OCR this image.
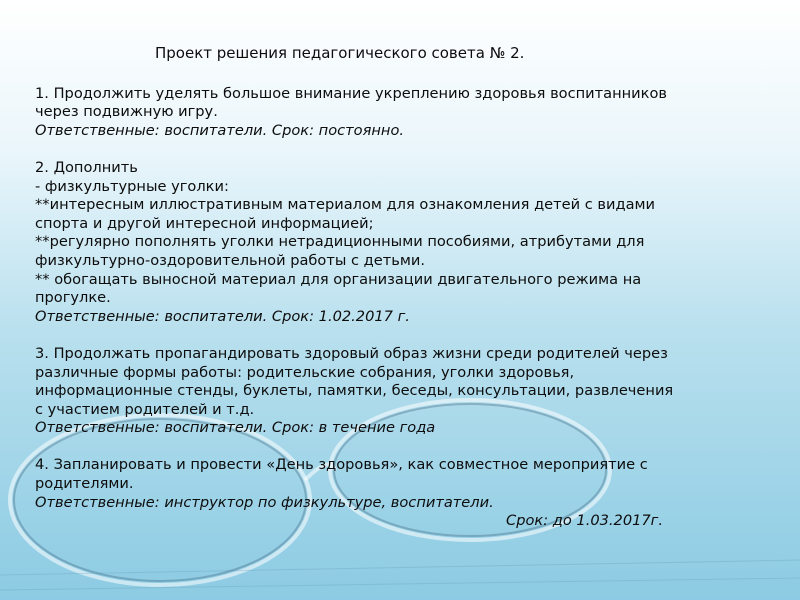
Проект решения педагогического совета № 2.

1. Продолжить уделять большое внимание укреплению здоровья воспитанников

через подвижную игру.

Ответственные: воспитатели. Срок: постоянно.

2. Дополнить

- физкультурные уголки:

**интересным иллюстративным материалом для ознакомления детей с видами

спорта и другой интересной информацией;

**регулярно пополнять уголки нетрадиционными пособиями, атрибутами для

физкультурно-оздоровительной работы с детьми.

** обогащать выносной материал для организации двигательного режима на

прогулке.

Ответственные: воспитатели. Срок: 1.02.2017 г.

3. Продолжать пропагандировать здоровый образ жизни среди родителей через

различные формы работы: родительские собрания, уголки здоровья,

информационные стенды, буклеты, памятки, беседы, консультации, развлечения

с участием родителей и т.д.

Ответственные: воспитатели. Срок: в течение года

4. Запланировать и провести «День здоровья», как совместное мероприятие с

родителями.

Ответственные: инструктор по физкультуре, воспитатели.

Срок: до 1.03.2017г.
